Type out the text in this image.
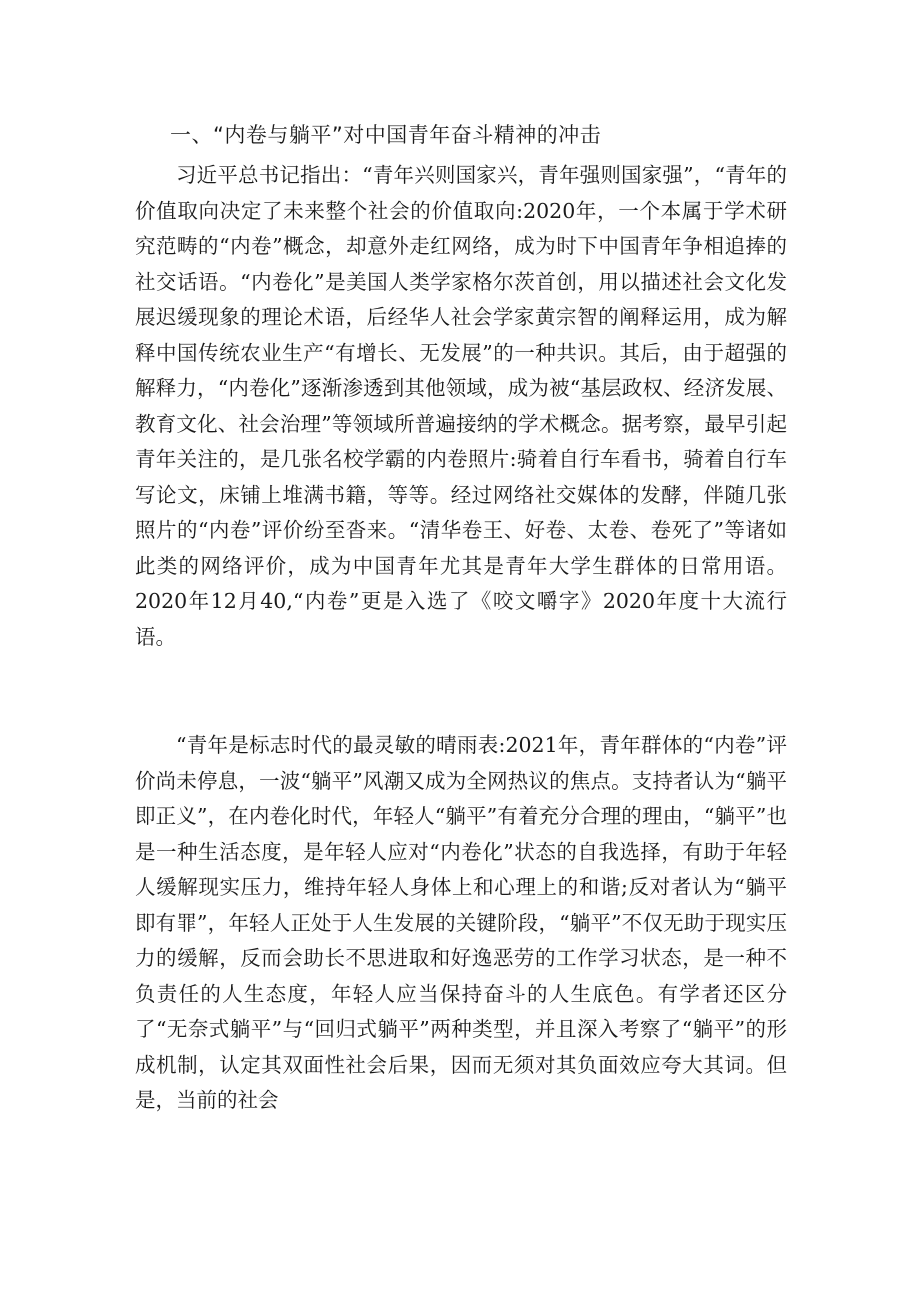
一、“内卷与躺平”对中国青年奋斗精神的冲击

习近平总书记指出：“青年兴则国家兴，青年强则国家强”，“青年的价值取向决定了未来整个社会的价值取向:2020年，一个本属于学术研究范畴的“内卷”概念，却意外走红网络，成为时下中国青年争相追捧的社交话语。“内卷化”是美国人类学家格尔茨首创，用以描述社会文化发展迟缓现象的理论术语，后经华人社会学家黄宗智的阐释运用，成为解释中国传统农业生产“有增长、无发展”的一种共识。其后，由于超强的解释力，“内卷化”逐渐渗透到其他领域，成为被“基层政权、经济发展、教育文化、社会治理”等领域所普遍接纳的学术概念。据考察，最早引起青年关注的，是几张名校学霸的内卷照片:骑着自行车看书，骑着自行车写论文，床铺上堆满书籍，等等。经过网络社交媒体的发酵，伴随几张照片的“内卷”评价纷至沓来。“清华卷王、好卷、太卷、卷死了”等诸如此类的网络评价，成为中国青年尤其是青年大学生群体的日常用语。2020年12月40,“内卷”更是入选了《咬文嚼字》2020年度十大流行语。

“青年是标志时代的最灵敏的晴雨表:2021年，青年群体的“内卷”评价尚未停息，一波“躺平”风潮又成为全网热议的焦点。支持者认为“躺平即正义”，在内卷化时代，年轻人“躺平”有着充分合理的理由，“躺平”也是一种生活态度，是年轻人应对“内卷化”状态的自我选择，有助于年轻人缓解现实压力，维持年轻人身体上和心理上的和谐;反对者认为“躺平即有罪”，年轻人正处于人生发展的关键阶段，“躺平”不仅无助于现实压力的缓解，反而会助长不思进取和好逸恶劳的工作学习状态，是一种不负责任的人生态度，年轻人应当保持奋斗的人生底色。有学者还区分了“无奈式躺平”与“回归式躺平”两种类型，并且深入考察了“躺平”的形成机制，认定其双面性社会后果，因而无须对其负面效应夸大其词。但是，当前的社会
